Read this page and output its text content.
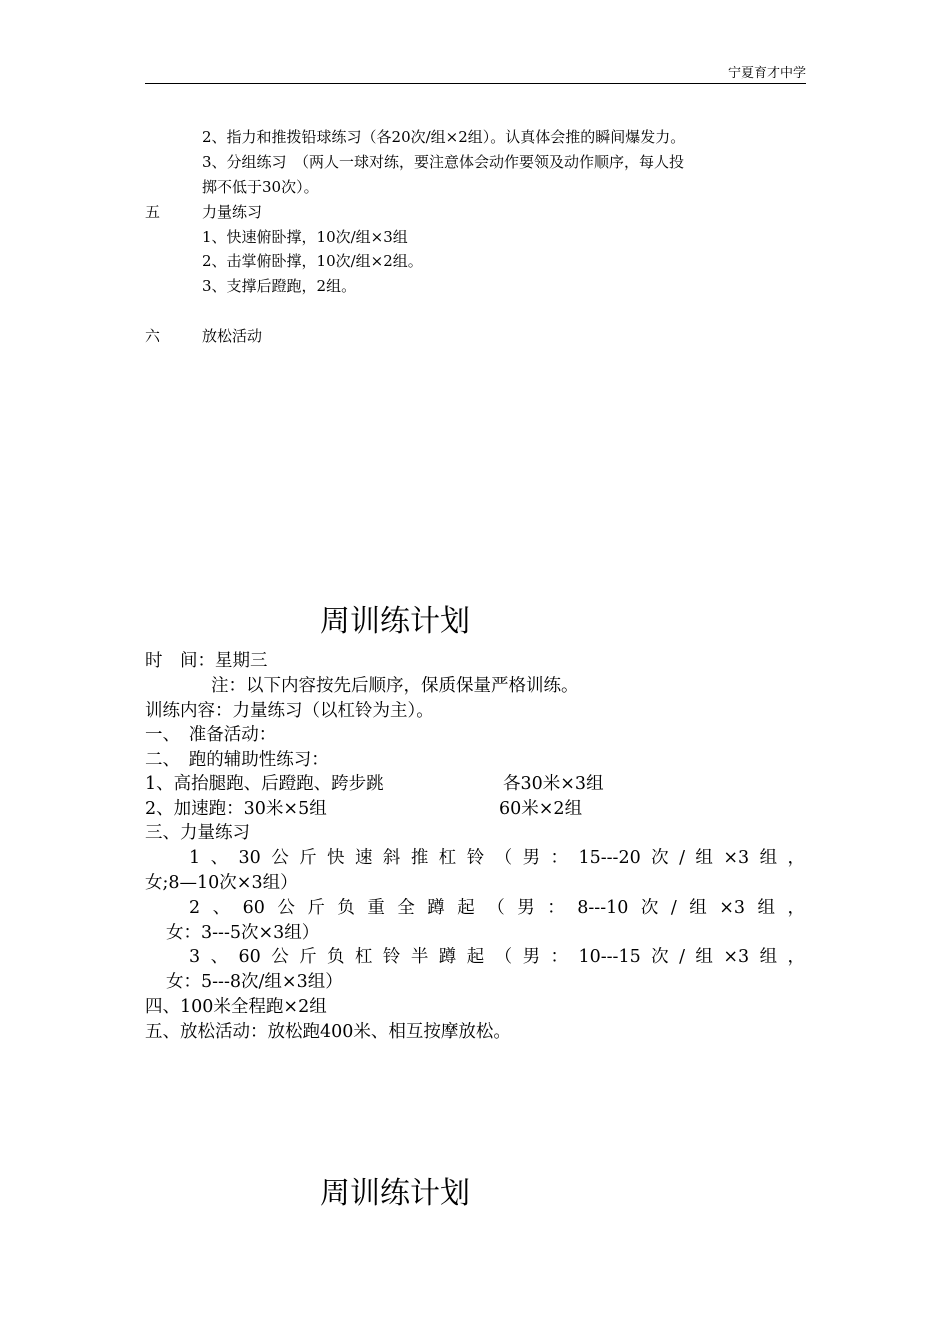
宁夏育才中学
2、指力和推拨铅球练习（各20次/组×2组）。认真体会推的瞬间爆发力。
3、分组练习　（两人一球对练，要注意体会动作要领及动作顺序，每人投
掷不低于30次）。
五	力量练习
1、快速俯卧撑，10次/组×3组
2、击掌俯卧撑，10次/组×2组。
3、支撑后蹬跑，2组。
六	放松活动
周训练计划
时　间：星期三
注：以下内容按先后顺序，保质保量严格训练。
训练内容：力量练习（以杠铃为主）。
一、　准备活动：
二、　跑的辅助性练习：
1、高抬腿跑、后蹬跑、跨步跳	各30米×3组
2、加速跑：30米×5组	60米×2组
三、力量练习
1、30公斤快速斜推杠铃（男：15---20次/组×3组，
女;8—10次×3组）
2、60公斤负重全蹲起（男：8---10次/组×3组，
女：3---5次×3组）
3、60公斤负杠铃半蹲起（男：10---15次/组×3组，
女：5---8次/组×3组）
四、100米全程跑×2组
五、放松活动：放松跑400米、相互按摩放松。
周训练计划
